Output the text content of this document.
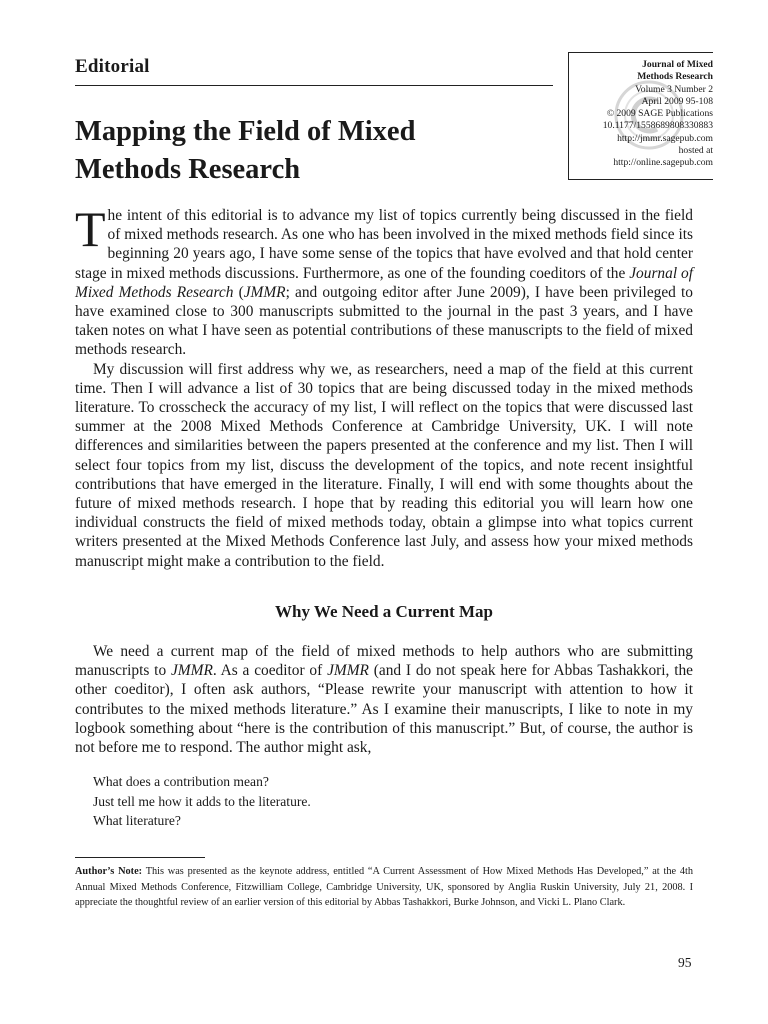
Editorial	Journal of Mixed
Methods Research
Volume 3 Number 2
April 2009 95-108
© 2009 SAGE Publications
10.1177/1558689808330883
http://jmmr.sagepub.com
hosted at
http://online.sagepub.com
Mapping the Field of Mixed
Methods Research

The intent of this editorial is to advance my list of topics currently being discussed in the field of mixed methods research. As one who has been involved in the mixed methods field since its beginning 20 years ago, I have some sense of the topics that have evolved and that hold center stage in mixed methods discussions. Furthermore, as one of the founding coeditors of the Journal of Mixed Methods Research (JMMR; and outgoing editor after June 2009), I have been privileged to have examined close to 300 manuscripts submitted to the journal in the past 3 years, and I have taken notes on what I have seen as potential contributions of these manuscripts to the field of mixed methods research.

My discussion will first address why we, as researchers, need a map of the field at this current time. Then I will advance a list of 30 topics that are being discussed today in the mixed methods literature. To crosscheck the accuracy of my list, I will reflect on the topics that were discussed last summer at the 2008 Mixed Methods Conference at Cambridge University, UK. I will note differences and similarities between the papers presented at the conference and my list. Then I will select four topics from my list, discuss the development of the topics, and note recent insightful contributions that have emerged in the literature. Finally, I will end with some thoughts about the future of mixed methods research. I hope that by reading this editorial you will learn how one individual constructs the field of mixed methods today, obtain a glimpse into what topics current writers presented at the Mixed Methods Conference last July, and assess how your mixed methods manuscript might make a contribution to the field.

Why We Need a Current Map

We need a current map of the field of mixed methods to help authors who are submitting manuscripts to JMMR. As a coeditor of JMMR (and I do not speak here for Abbas Tashakkori, the other coeditor), I often ask authors, “Please rewrite your manuscript with attention to how it contributes to the mixed methods literature.” As I examine their manuscripts, I like to note in my logbook something about “here is the contribution of this manuscript.” But, of course, the author is not before me to respond. The author might ask,

What does a contribution mean?
Just tell me how it adds to the literature.
What literature?
Author’s Note: This was presented as the keynote address, entitled “A Current Assessment of How Mixed Methods Has Developed,” at the 4th Annual Mixed Methods Conference, Fitzwilliam College, Cambridge University, UK, sponsored by Anglia Ruskin University, July 21, 2008. I appreciate the thoughtful review of an earlier version of this editorial by Abbas Tashakkori, Burke Johnson, and Vicki L. Plano Clark.
95
